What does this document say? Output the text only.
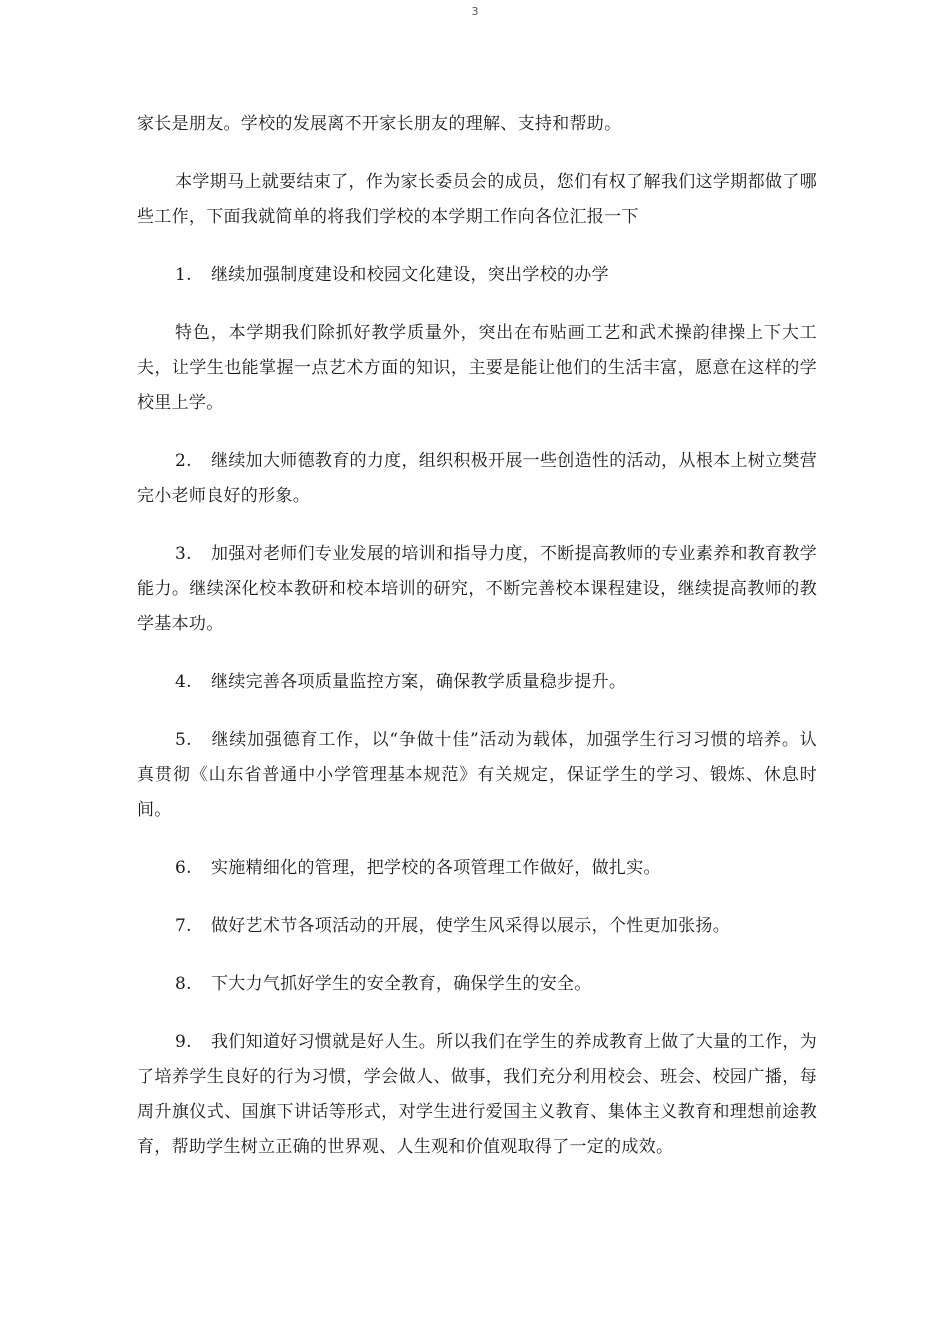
3

家长是朋友。学校的发展离不开家长朋友的理解、支持和帮助。

本学期马上就要结束了，作为家长委员会的成员，您们有权了解我们这学期都做了哪些工作，下面我就简单的将我们学校的本学期工作向各位汇报一下

1. 继续加强制度建设和校园文化建设，突出学校的办学

特色，本学期我们除抓好教学质量外，突出在布贴画工艺和武术操韵律操上下大工夫，让学生也能掌握一点艺术方面的知识，主要是能让他们的生活丰富，愿意在这样的学校里上学。

2. 继续加大师德教育的力度，组织积极开展一些创造性的活动，从根本上树立樊营完小老师良好的形象。

3. 加强对老师们专业发展的培训和指导力度，不断提高教师的专业素养和教育教学能力。继续深化校本教研和校本培训的研究，不断完善校本课程建设，继续提高教师的教学基本功。

4. 继续完善各项质量监控方案，确保教学质量稳步提升。

5. 继续加强德育工作，以“争做十佳”活动为载体，加强学生行习习惯的培养。认真贯彻《山东省普通中小学管理基本规范》有关规定，保证学生的学习、锻炼、休息时间。

6. 实施精细化的管理，把学校的各项管理工作做好，做扎实。

7. 做好艺术节各项活动的开展，使学生风采得以展示，个性更加张扬。

8. 下大力气抓好学生的安全教育，确保学生的安全。

9. 我们知道好习惯就是好人生。所以我们在学生的养成教育上做了大量的工作，为了培养学生良好的行为习惯，学会做人、做事，我们充分利用校会、班会、校园广播，每周升旗仪式、国旗下讲话等形式，对学生进行爱国主义教育、集体主义教育和理想前途教育，帮助学生树立正确的世界观、人生观和价值观取得了一定的成效。
